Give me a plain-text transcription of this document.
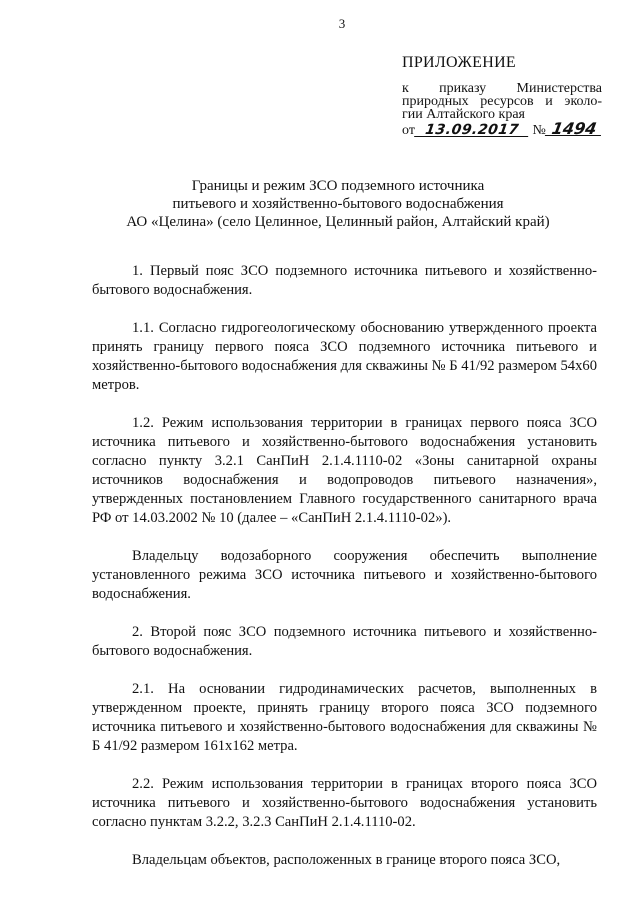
3
ПРИЛОЖЕНИЕ
к приказу Министерства
природных ресурсов и эколо-
гии Алтайского края
от 13.09.2017 № 1494
Границы и режим ЗСО подземного источника
питьевого и хозяйственно-бытового водоснабжения
АО «Целина» (село Целинное, Целинный район, Алтайский край)

1. Первый пояс ЗСО подземного источника питьевого и хозяйственно-бытового водоснабжения.

1.1. Согласно гидрогеологическому обоснованию утвержденного проекта принять границу первого пояса ЗСО подземного источника питьевого и хозяйственно-бытового водоснабжения для скважины № Б 41/92 размером 54х60 метров.

1.2. Режим использования территории в границах первого пояса ЗСО источника питьевого и хозяйственно-бытового водоснабжения установить согласно пункту 3.2.1 СанПиН 2.1.4.1110-02 «Зоны санитарной охраны источников водоснабжения и водопроводов питьевого назначения», утвержденных постановлением Главного государственного санитарного врача РФ от 14.03.2002 № 10 (далее – «СанПиН 2.1.4.1110-02»).

Владельцу водозаборного сооружения обеспечить выполнение установленного режима ЗСО источника питьевого и хозяйственно-бытового водоснабжения.

2. Второй пояс ЗСО подземного источника питьевого и хозяйственно-бытового водоснабжения.

2.1. На основании гидродинамических расчетов, выполненных в утвержденном проекте, принять границу второго пояса ЗСО подземного источника питьевого и хозяйственно-бытового водоснабжения для скважины № Б 41/92 размером 161х162 метра.

2.2. Режим использования территории в границах второго пояса ЗСО источника питьевого и хозяйственно-бытового водоснабжения установить согласно пунктам 3.2.2, 3.2.3 СанПиН 2.1.4.1110-02.

Владельцам объектов, расположенных в границе второго пояса ЗСО,
